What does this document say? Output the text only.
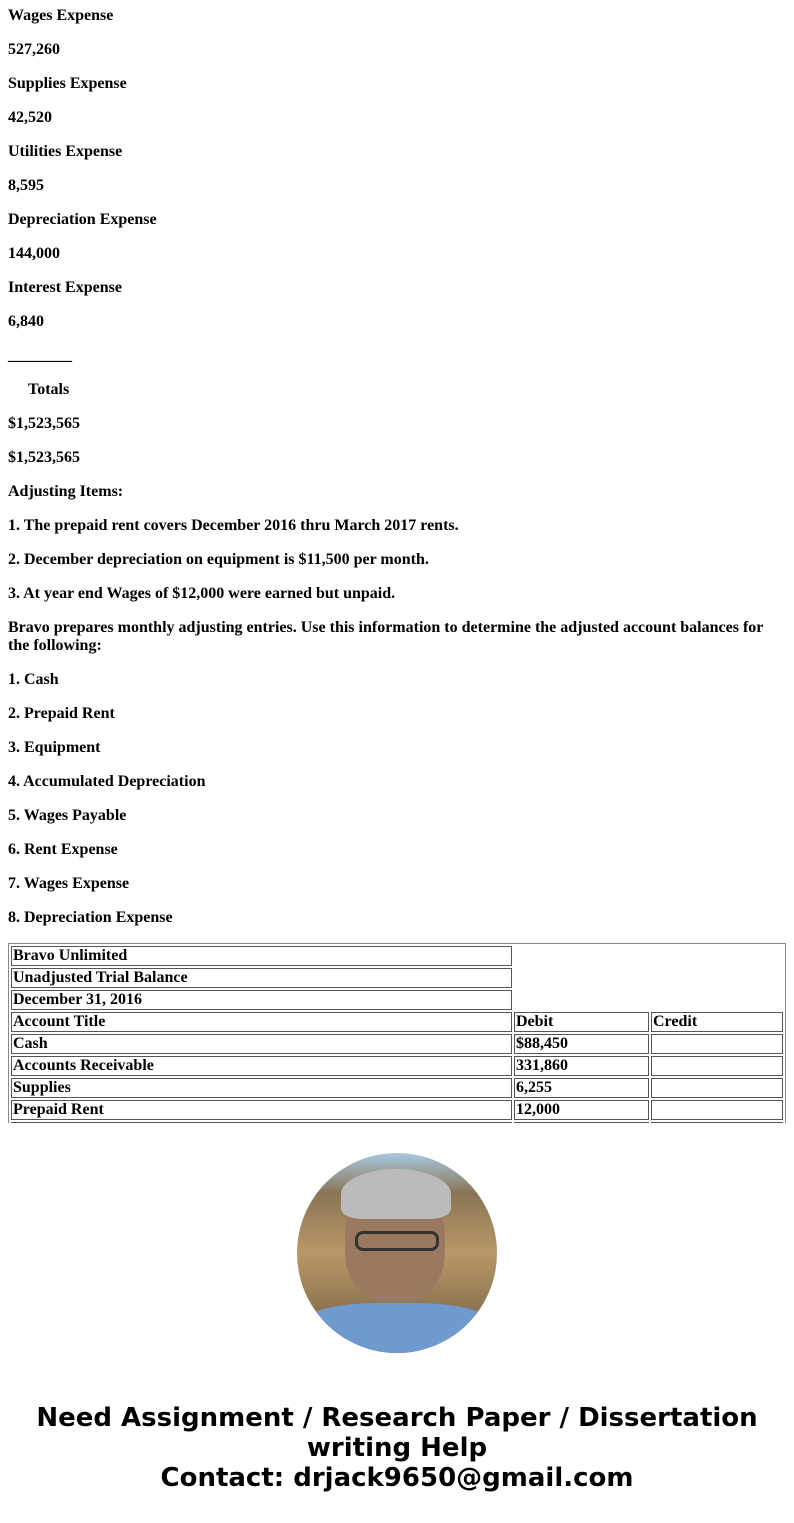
Wages Expense

527,260

Supplies Expense

42,520

Utilities Expense

8,595

Depreciation Expense

144,000

Interest Expense

6,840

________

Totals

$1,523,565

$1,523,565

Adjusting Items:

1. The prepaid rent covers December 2016 thru March 2017 rents.

2. December depreciation on equipment is $11,500 per month.

3. At year end Wages of $12,000 were earned but unpaid.

Bravo prepares monthly adjusting entries. Use this information to determine the adjusted account balances for the following:

1. Cash

2. Prepaid Rent

3. Equipment

4. Accumulated Depreciation

5. Wages Payable

6. Rent Expense

7. Wages Expense

8. Depreciation Expense

Bravo Unlimited		
Unadjusted Trial Balance		
December 31, 2016		
Account Title	Debit	Credit
Cash	$88,450	
Accounts Receivable	331,860	
Supplies	6,255	
Prepaid Rent	12,000	

Need Assignment / Research Paper / Dissertation writing Help
Contact: drjack9650@gmail.com
